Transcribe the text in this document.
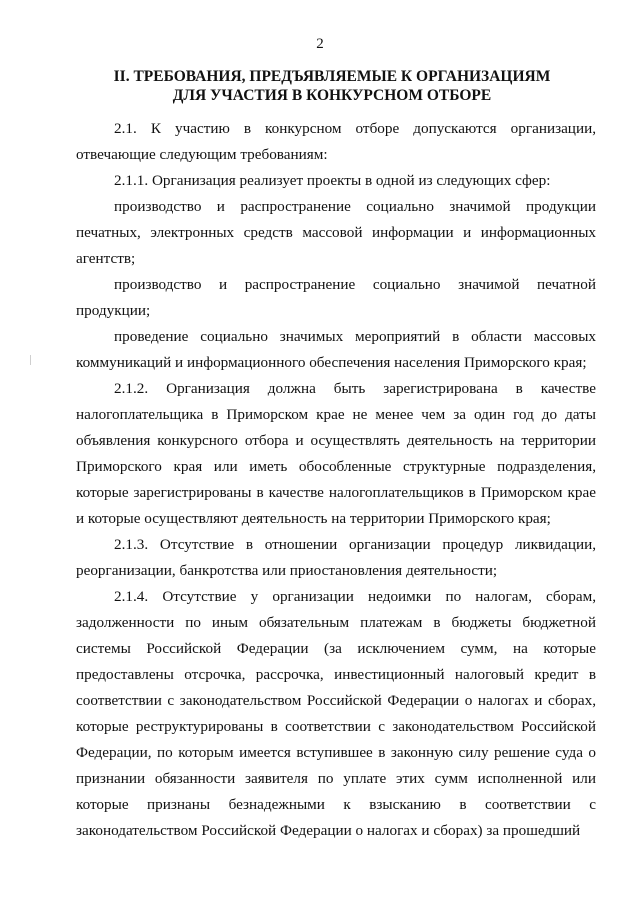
2
II. ТРЕБОВАНИЯ, ПРЕДЪЯВЛЯЕМЫЕ К ОРГАНИЗАЦИЯМ
ДЛЯ УЧАСТИЯ В КОНКУРСНОМ ОТБОРЕ

2.1. К участию в конкурсном отборе допускаются организации, отвечающие следующим требованиям:

2.1.1. Организация реализует проекты в одной из следующих сфер:

производство и распространение социально значимой продукции печатных, электронных средств массовой информации и информационных агентств;

производство и распространение социально значимой печатной продукции;

проведение социально значимых мероприятий в области массовых коммуникаций и информационного обеспечения населения Приморского края;

2.1.2. Организация должна быть зарегистрирована в качестве налогоплательщика в Приморском крае не менее чем за один год до даты объявления конкурсного отбора и осуществлять деятельность на территории Приморского края или иметь обособленные структурные подразделения, которые зарегистрированы в качестве налогоплательщиков в Приморском крае и которые осуществляют деятельность на территории Приморского края;

2.1.3. Отсутствие в отношении организации процедур ликвидации, реорганизации, банкротства или приостановления деятельности;

2.1.4. Отсутствие у организации недоимки по налогам, сборам, задолженности по иным обязательным платежам в бюджеты бюджетной системы Российской Федерации (за исключением сумм, на которые предоставлены отсрочка, рассрочка, инвестиционный налоговый кредит в соответствии с законодательством Российской Федерации о налогах и сборах, которые реструктурированы в соответствии с законодательством Российской Федерации, по которым имеется вступившее в законную силу решение суда о признании обязанности заявителя по уплате этих сумм исполненной или которые признаны безнадежными к взысканию в соответствии с законодательством Российской Федерации о налогах и сборах) за прошедший
